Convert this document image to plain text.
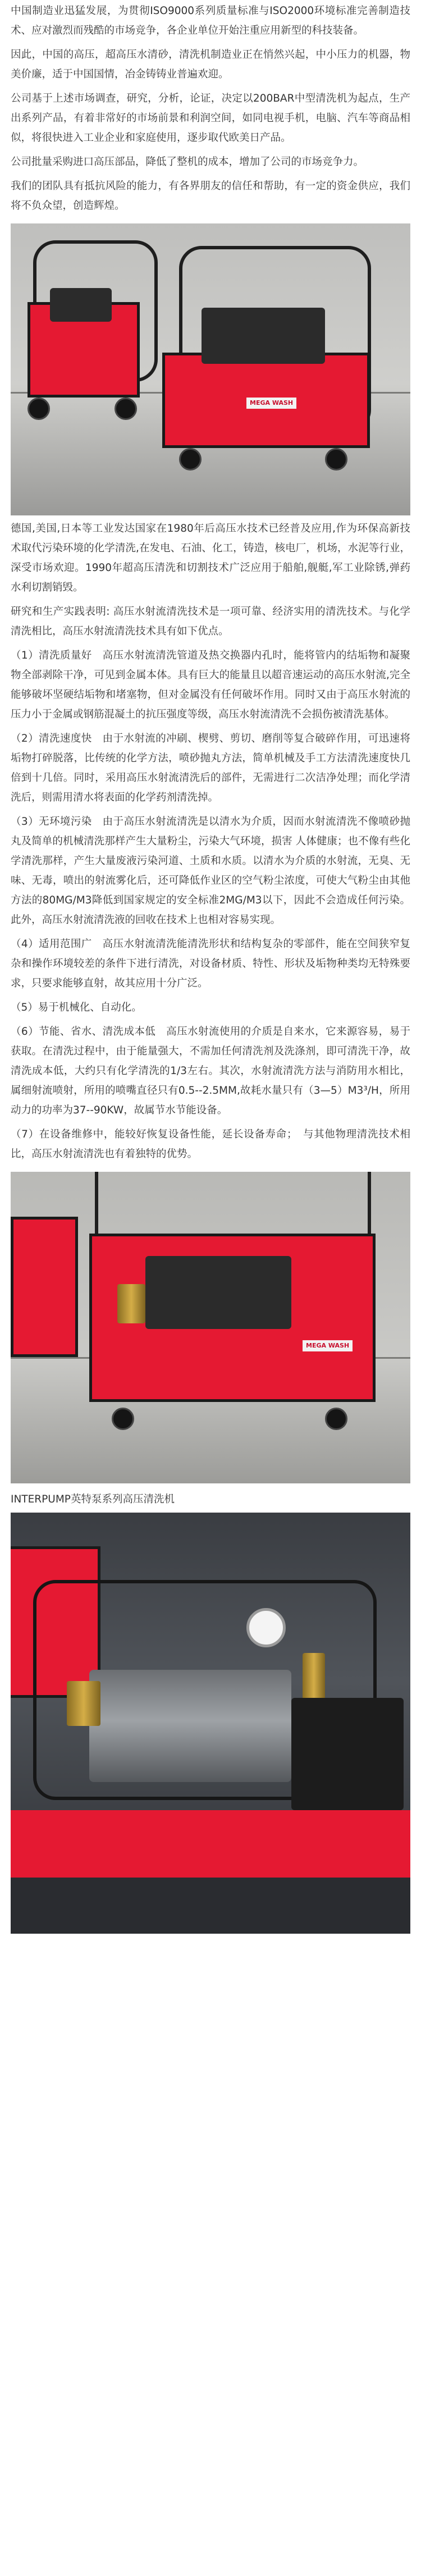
中国制造业迅猛发展，为贯彻ISO9000系列质量标准与ISO2000环境标准完善制造技术、应对激烈而残酷的市场竞争，各企业单位开始注重应用新型的科技装备。

因此，中国的高压，超高压水清砂，清洗机制造业正在悄然兴起，中小压力的机器，物美价廉，适于中国国情，冶金铸铸业普遍欢迎。

公司基于上述市场调查，研究，分析，论证，决定以200BAR中型清洗机为起点，生产出系列产品，有着非常好的市场前景和利润空间，如同电视手机，电脑、汽车等商品相似，将很快进入工业企业和家庭使用，逐步取代欧美日产品。

公司批量采购进口高压部品，降低了整机的成本，增加了公司的市场竞争力。

我们的团队具有抵抗风险的能力，有各界朋友的信任和帮助，有一定的资金供应，我们将不负众望，创造辉煌。

MEGA WASH

德国,美国,日本等工业发达国家在1980年后高压水技术已经普及应用,作为环保高新技术取代污染环境的化学清洗,在发电、石油、化工，铸造，核电厂，机场，水泥等行业，深受市场欢迎。1990年超高压清洗和切割技术广泛应用于船舶,舰艇,军工业除锈,弹药水利切割销毁。

研究和生产实践表明: 高压水射流清洗技术是一项可靠、经济实用的清洗技术。与化学清洗相比，高压水射流清洗技术具有如下优点。

（1）清洗质量好　高压水射流清洗管道及热交换器内孔时，能将管内的结垢物和凝聚物全部剥除干净，可见到金属本体。具有巨大的能量且以超音速运动的高压水射流,完全能够破坏坚硬结垢物和堵塞物，但对金属没有任何破坏作用。同时又由于高压水射流的压力小于金属或钢筋混凝土的抗压强度等级，高压水射流清洗不会损伤被清洗基体。

（2）清洗速度快　由于水射流的冲刷、楔劈、剪切、磨削等复合破碎作用，可迅速将垢物打碎脱落，比传统的化学方法，喷砂抛丸方法，简单机械及手工方法清洗速度快几倍到十几倍。同时，采用高压水射流清洗后的部件，无需进行二次洁净处理；而化学清洗后，则需用清水将表面的化学药剂清洗掉。

（3）无环境污染　由于高压水射流清洗是以清水为介质，因而水射流清洗不像喷砂抛丸及简单的机械清洗那样产生大量粉尘，污染大气环境，损害 人体健康；也不像有些化学清洗那样，产生大量废液污染河道、土质和水质。以清水为介质的水射流，无臭、无味、无毒，喷出的射流雾化后，还可降低作业区的空气粉尘浓度，可使大气粉尘由其他方法的80MG/M3降低到国家规定的安全标准2MG/M3以下，因此不会造成任何污染。此外，高压水射流清洗液的回收在技术上也相对容易实现。

（4）适用范围广　高压水射流清洗能清洗形状和结构复杂的零部件，能在空间狭窄复杂和操作环境较差的条件下进行清洗，对设备材质、特性、形状及垢物种类均无特殊要求，只要求能够直射，故其应用十分广泛。

（5）易于机械化、自动化。

（6）节能、省水、清洗成本低　高压水射流使用的介质是自来水，它来源容易，易于获取。在清洗过程中，由于能量强大，不需加任何清洗剂及洗涤剂，即可清洗干净，故清洗成本低，大约只有化学清洗的1/3左右。其次，水射流清洗方法与消防用水相比，属细射流喷射，所用的喷嘴直径只有0.5--2.5MM,故耗水量只有（3—5）M3³/H，所用动力的功率为37--90KW，故属节水节能设备。

（7）在设备维修中，能较好恢复设备性能，延长设备寿命；　与其他物理清洗技术相比，高压水射流清洗也有着独特的优势。

MEGA WASH

INTERPUMP英特泵系列高压清洗机
